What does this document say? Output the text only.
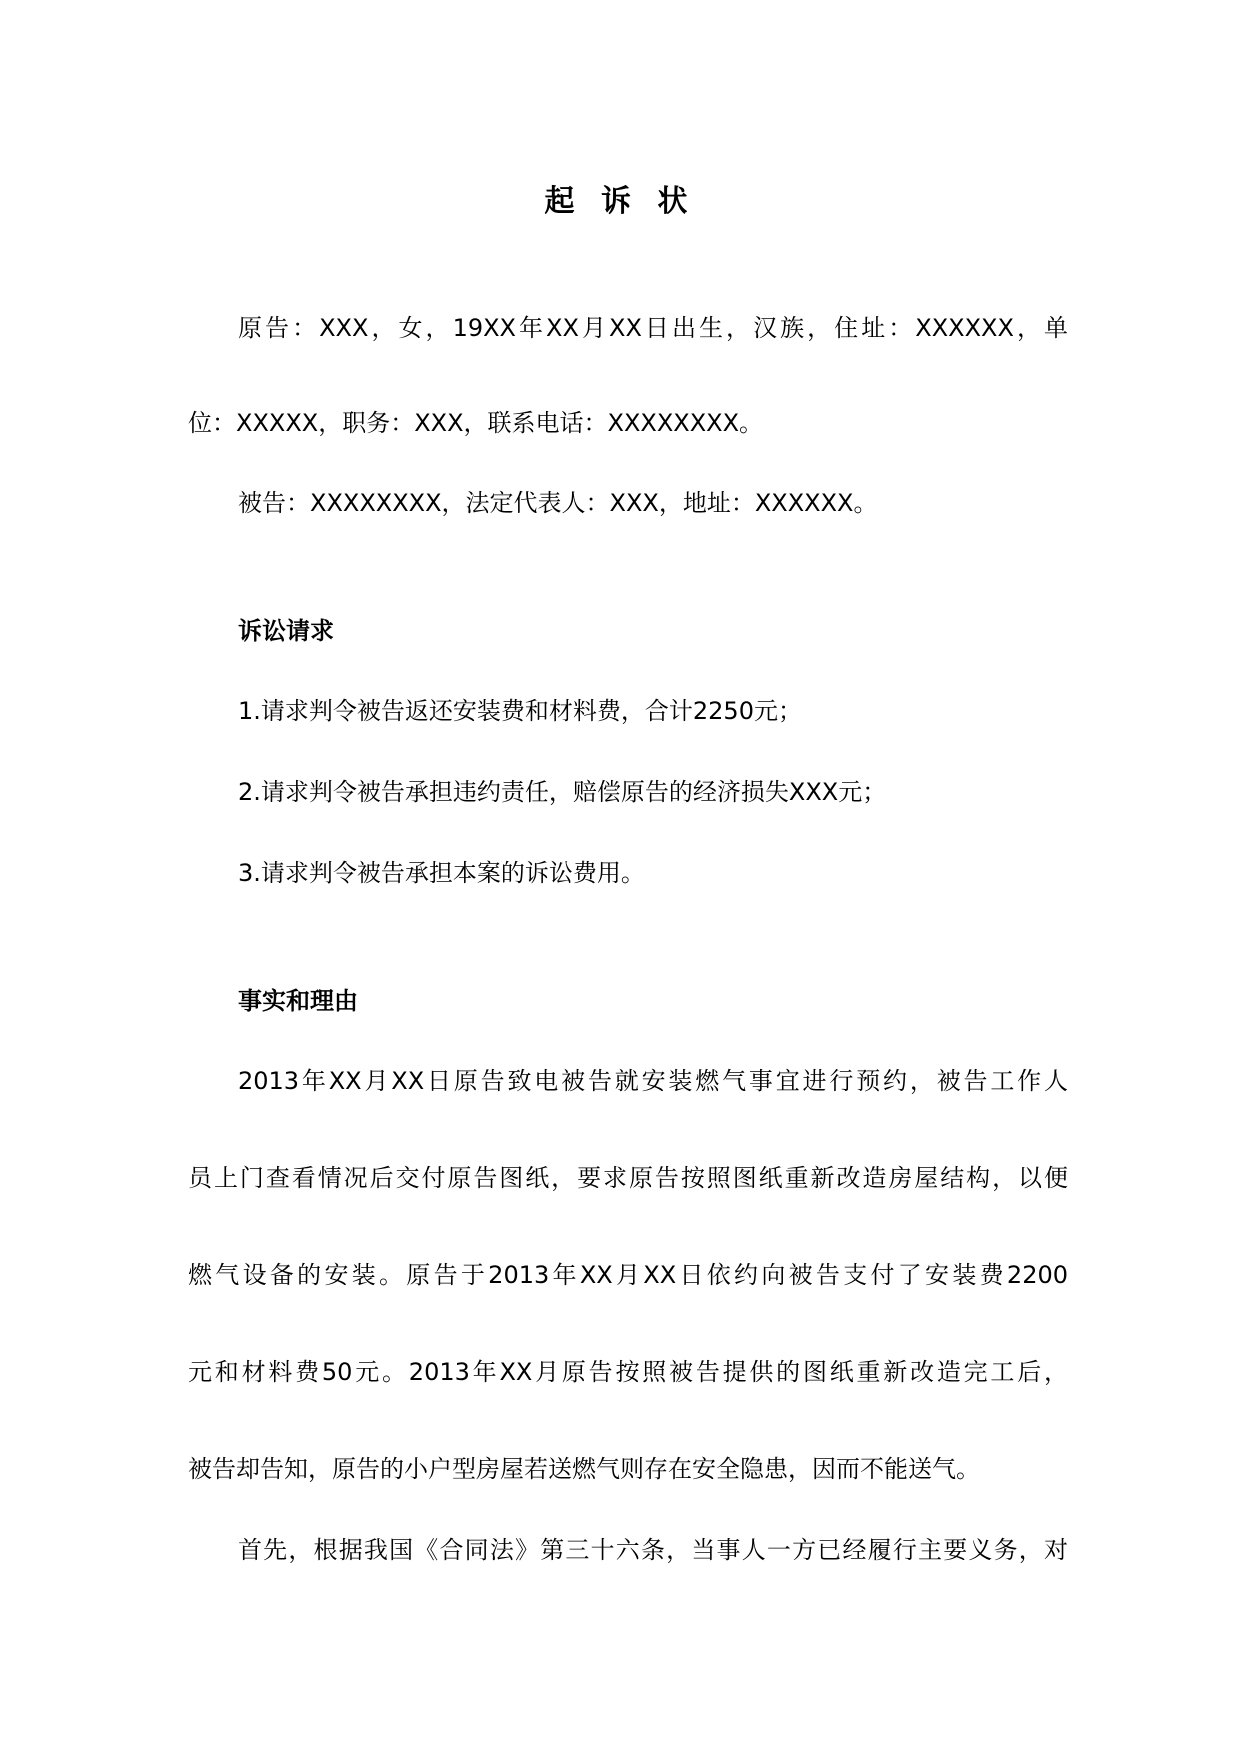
起 诉 状
原告：XXX，女，19XX年XX月XX日出生，汉族，住址：XXXXXX，单
位：XXXXX，职务：XXX，联系电话：XXXXXXXX。
被告：XXXXXXXX，法定代表人：XXX，地址：XXXXXX。
诉讼请求
1.请求判令被告返还安装费和材料费，合计2250元；
2.请求判令被告承担违约责任，赔偿原告的经济损失XXX元；
3.请求判令被告承担本案的诉讼费用。
事实和理由
2013年XX月XX日原告致电被告就安装燃气事宜进行预约，被告工作人
员上门查看情况后交付原告图纸，要求原告按照图纸重新改造房屋结构，以便
燃气设备的安装。原告于2013年XX月XX日依约向被告支付了安装费2200
元和材料费50元。2013年XX月原告按照被告提供的图纸重新改造完工后，
被告却告知，原告的小户型房屋若送燃气则存在安全隐患，因而不能送气。
首先，根据我国《合同法》第三十六条，当事人一方已经履行主要义务，对
